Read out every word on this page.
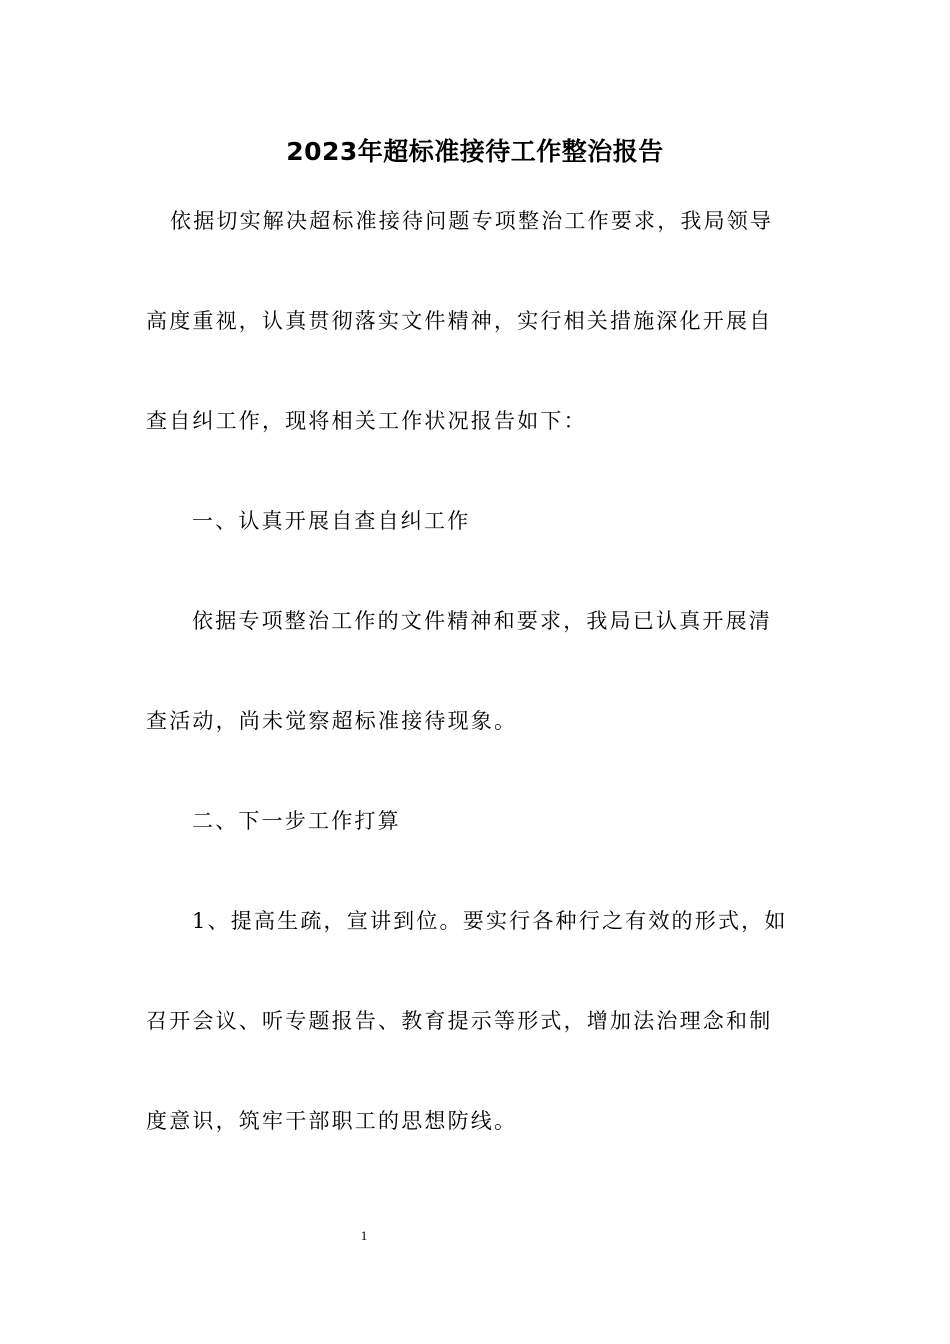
2023年超标准接待工作整治报告

依据切实解决超标准接待问题专项整治工作要求，我局领导

高度重视，认真贯彻落实文件精神，实行相关措施深化开展自

查自纠工作，现将相关工作状况报告如下：

一、认真开展自查自纠工作

依据专项整治工作的文件精神和要求，我局已认真开展清

查活动，尚未觉察超标准接待现象。

二、下一步工作打算

1、提高生疏，宣讲到位。要实行各种行之有效的形式，如

召开会议、听专题报告、教育提示等形式，增加法治理念和制

度意识，筑牢干部职工的思想防线。

1
